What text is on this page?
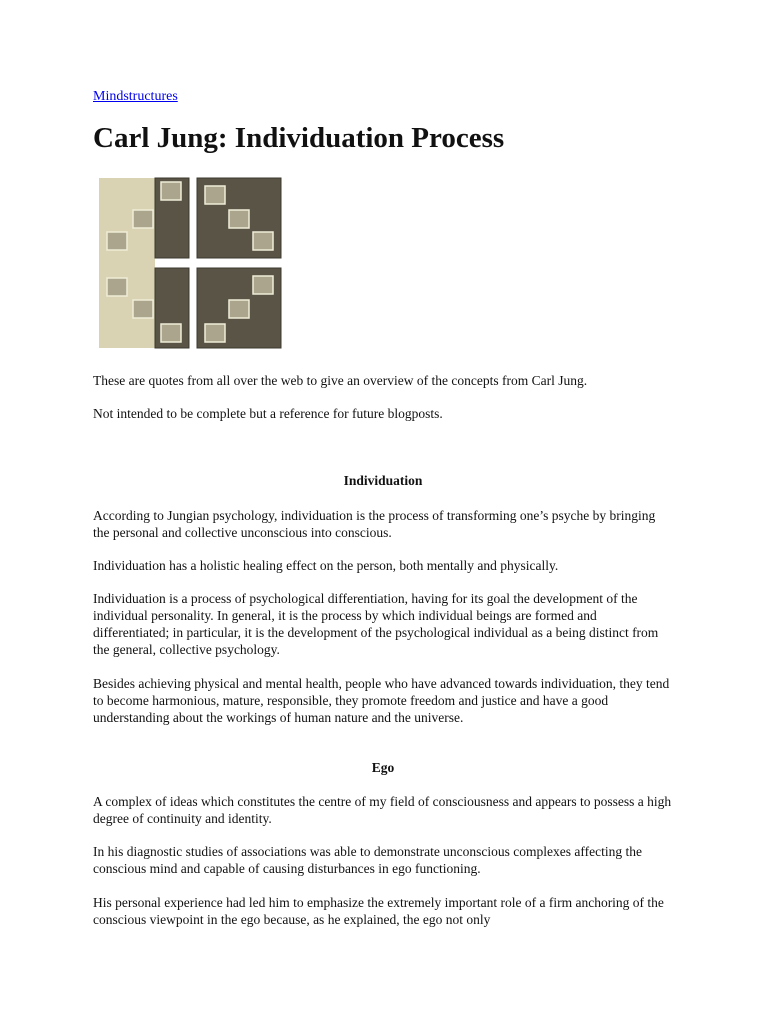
Mindstructures
Carl Jung: Individuation Process

These are quotes from all over the web to give an overview of the concepts from Carl Jung.

Not intended to be complete but a reference for future blogposts.

Individuation

According to Jungian psychology, individuation is the process of transforming one’s psyche by bringing the personal and collective unconscious into conscious.

Individuation has a holistic healing effect on the person, both mentally and physically.

Individuation is a process of psychological differentiation, having for its goal the development of the individual personality. In general, it is the process by which individual beings are formed and differentiated; in particular, it is the development of the psychological individual as a being distinct from the general, collective psychology.

Besides achieving physical and mental health, people who have advanced towards individuation, they tend to become harmonious, mature, responsible, they promote freedom and justice and have a good understanding about the workings of human nature and the universe.

Ego

A complex of ideas which constitutes the centre of my field of consciousness and appears to possess a high degree of continuity and identity.

In his diagnostic studies of associations was able to demonstrate unconscious complexes affecting the conscious mind and capable of causing disturbances in ego functioning.

His personal experience had led him to emphasize the extremely important role of a firm anchoring of the conscious viewpoint in the ego because, as he explained, the ego not only
